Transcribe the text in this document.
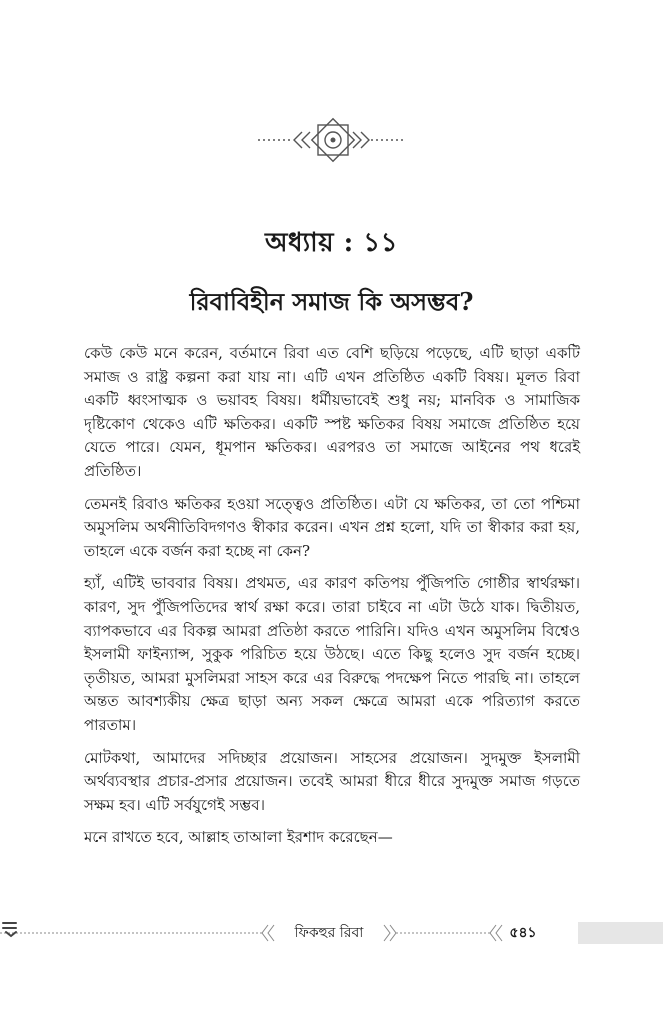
অধ্যায় : ১১
রিবাবিহীন সমাজ কি অসম্ভব?

কেউ কেউ মনে করেন, বর্তমানে রিবা এত বেশি ছড়িয়ে পড়েছে, এটি ছাড়া একটি সমাজ ও রাষ্ট্র কল্পনা করা যায় না। এটি এখন প্রতিষ্ঠিত একটি বিষয়। মূলত রিবা একটি ধ্বংসাত্মক ও ভয়াবহ বিষয়। ধর্মীয়ভাবেই শুধু নয়; মানবিক ও সামাজিক দৃষ্টিকোণ থেকেও এটি ক্ষতিকর। একটি স্পষ্ট ক্ষতিকর বিষয় সমাজে প্রতিষ্ঠিত হয়ে যেতে পারে। যেমন, ধূমপান ক্ষতিকর। এরপরও তা সমাজে আইনের পথ ধরেই প্রতিষ্ঠিত।

তেমনই রিবাও ক্ষতিকর হওয়া সত্ত্বেও প্রতিষ্ঠিত। এটা যে ক্ষতিকর, তা তো পশ্চিমা অমুসলিম অর্থনীতিবিদগণও স্বীকার করেন। এখন প্রশ্ন হলো, যদি তা স্বীকার করা হয়, তাহলে একে বর্জন করা হচ্ছে না কেন?

হ্যাঁ, এটিই ভাববার বিষয়। প্রথমত, এর কারণ কতিপয় পুঁজিপতি গোষ্ঠীর স্বার্থরক্ষা। কারণ, সুদ পুঁজিপতিদের স্বার্থ রক্ষা করে। তারা চাইবে না এটা উঠে যাক। দ্বিতীয়ত, ব্যাপকভাবে এর বিকল্প আমরা প্রতিষ্ঠা করতে পারিনি। যদিও এখন অমুসলিম বিশ্বেও ইসলামী ফাইন্যান্স, সুকুক পরিচিত হয়ে উঠছে। এতে কিছু হলেও সুদ বর্জন হচ্ছে। তৃতীয়ত, আমরা মুসলিমরা সাহস করে এর বিরুদ্ধে পদক্ষেপ নিতে পারছি না। তাহলে অন্তত আবশ্যকীয় ক্ষেত্র ছাড়া অন্য সকল ক্ষেত্রে আমরা একে পরিত্যাগ করতে পারতাম।

মোটকথা, আমাদের সদিচ্ছার প্রয়োজন। সাহসের প্রয়োজন। সুদমুক্ত ইসলামী অর্থব্যবস্থার প্রচার-প্রসার প্রয়োজন। তবেই আমরা ধীরে ধীরে সুদমুক্ত সমাজ গড়তে সক্ষম হব। এটি সর্বযুগেই সম্ভব।

মনে রাখতে হবে, আল্লাহ তাআলা ইরশাদ করেছেন—

ফিকহুর রিবা	৫৪১
